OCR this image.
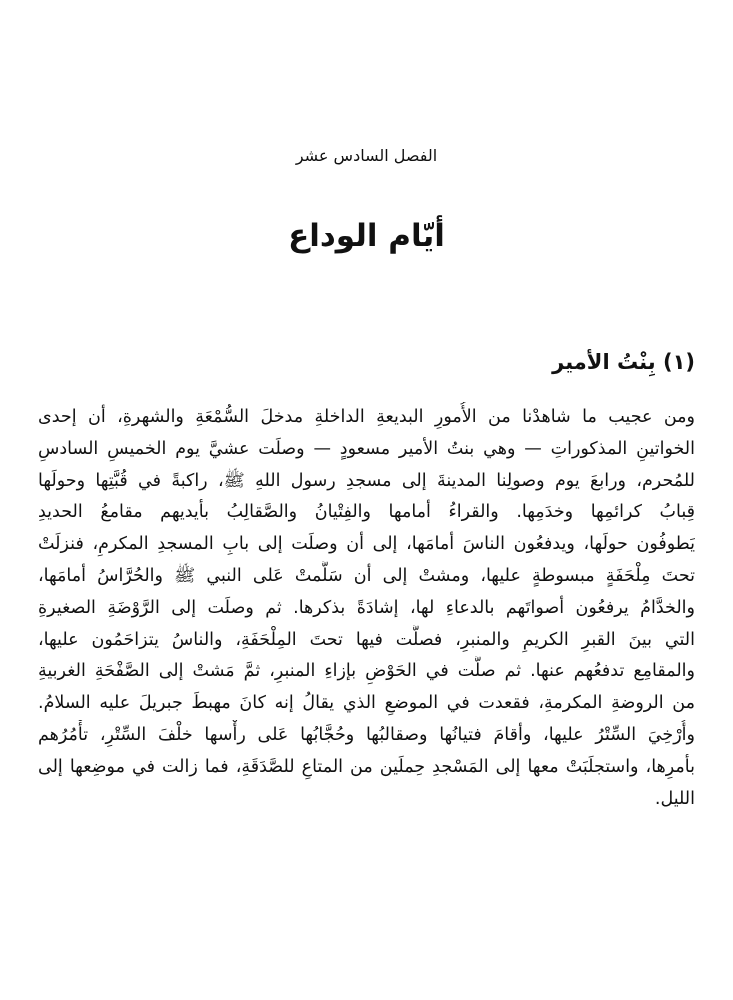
الفصل السادس عشر
أيّام الوداع
(١) بِنْتُ الأمير
ومن عجيب ما شاهدْنا من الأُمورِ البديعةِ الداخلةِ مدخلَ السُّمْعَةِ والشهرةِ، أن إحدى
الخواتينِ المذكوراتِ — وهي بنتُ الأمير مسعودٍ — وصلَت عشيَّ يوم الخميسِ السادسِ
للمُحرم، ورابعَ يوم وصولِنا المدينةَ إلى مسجدِ رسول اللهِ ﷺ، راكبةً في قُبَّتِها وحولَها
قِبابُ كرائمِها وخدَمِها. والقراءُ أمامها والفِتْيانُ والصَّقالِبُ بأيديهم مقامعُ الحديدِ
يَطوفُون حولَها، ويدفعُون الناسَ أمامَها، إلى أن وصلَت إلى بابِ المسجدِ المكرمِ، فنزلَتْ
تحتَ مِلْحَفَةٍ مبسوطةٍ عليها، ومشتْ إلى أن سَلَّمتْ عَلى النبي ﷺ والحُرَّاسُ أمامَها،
والخدَّامُ يرفعُون أصواتَهم بالدعاءِ لها، إشادَةً بذكرها. ثم وصلَت إلى الرَّوْضَةِ الصغيرةِ
التي بينَ القبرِ الكريمِ والمنبرِ، فصلَّت فيها تحتَ المِلْحَفَةِ، والناسُ يتزاحَمُون عليها،
والمقامِع تدفعُهم عنها. ثم صلَّت في الحَوْضِ بإزاءِ المنبرِ، ثمَّ مَشتْ إلى الصَّفْحَةِ الغربيةِ
من الروضةِ المكرمةِ، فقعدت في الموضعِ الذي يقالُ إنه كانَ مهبطَ جبريلَ عليه السلامُ.
وأُرْخِيَ السِّتْرُ عليها، وأقامَ فتيانُها وصقالبُها وحُجَّابُها عَلى رأْسها خلْفَ السِّتْرِ، تأْمُرُهم
بأمرِها، واستجلَبَتْ معها إلى المَسْجدِ حِملَين من المتاعِ للصَّدَقَةِ، فما زالت في موضِعها إلى
الليل.
